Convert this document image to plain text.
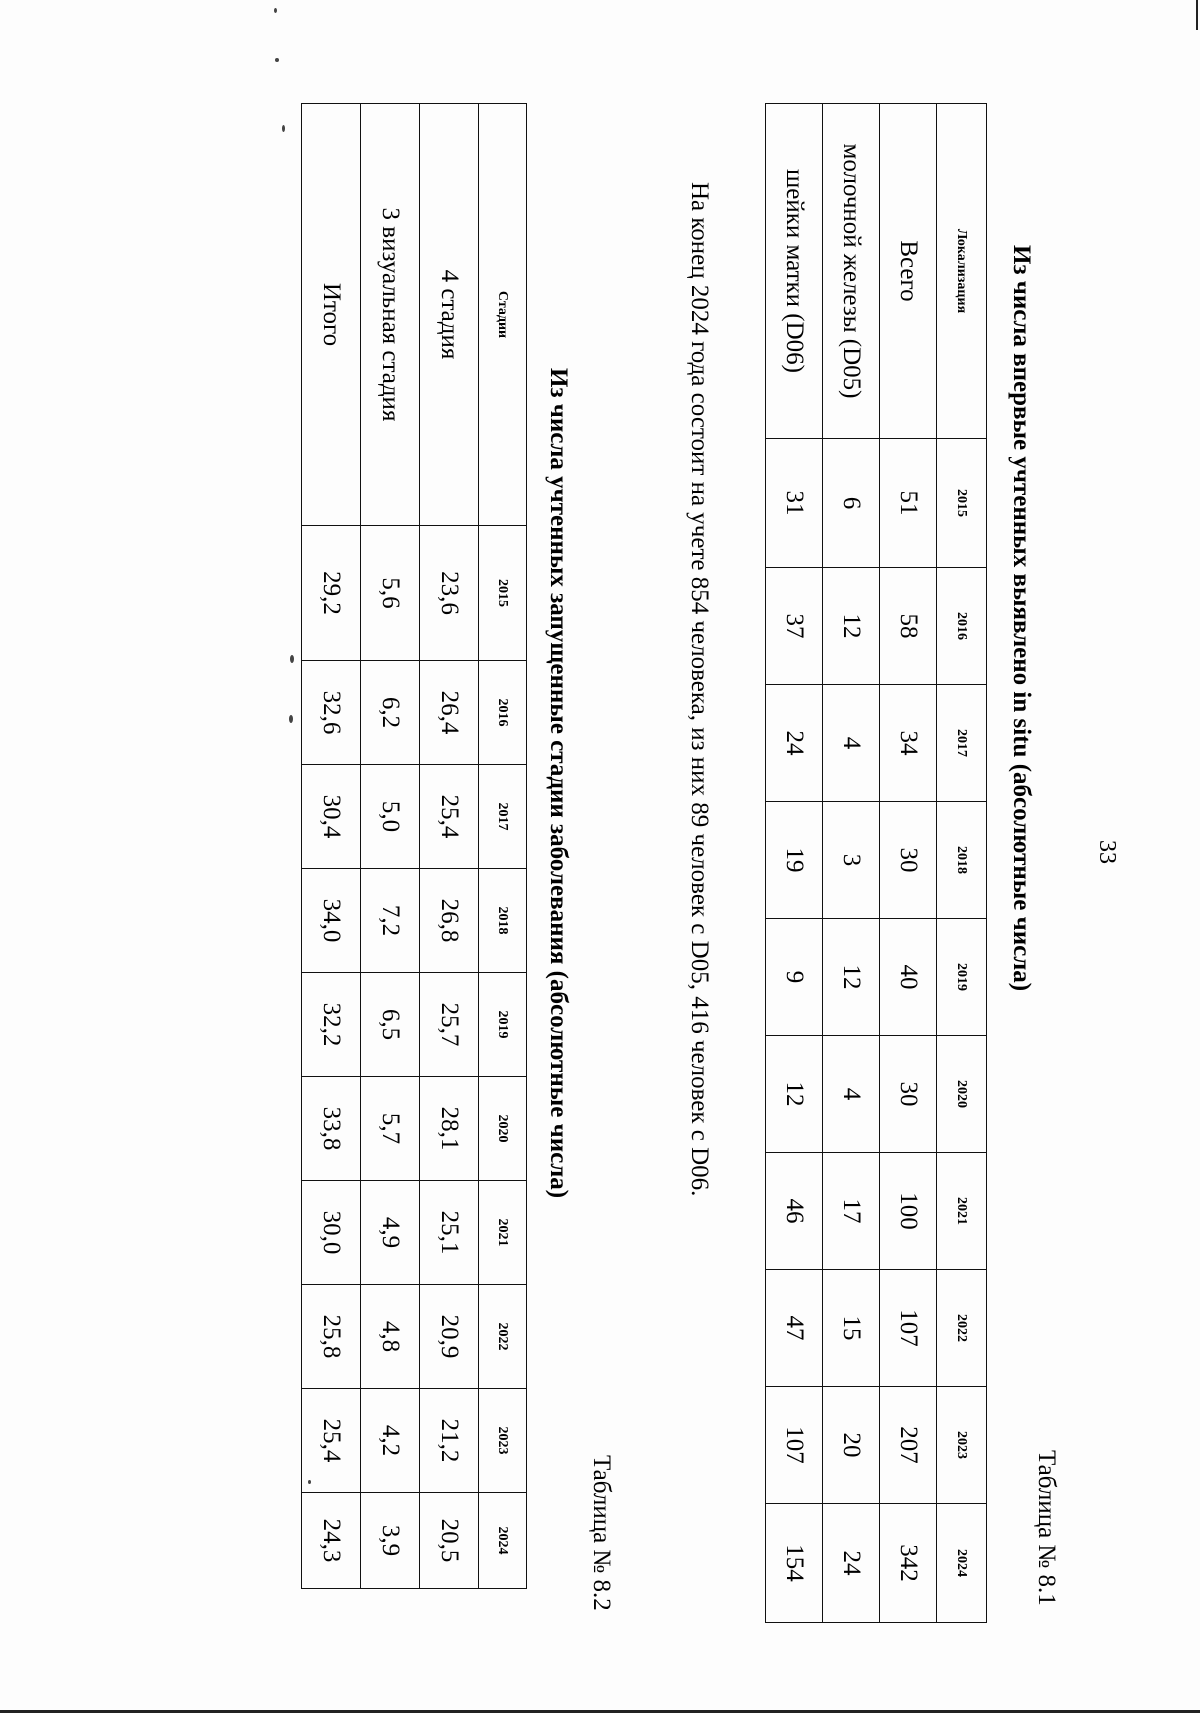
33
Таблица № 8.1
Из числа впервые учтенных выявлено in situ (абсолютные числа)
Локализация	2015	2016	2017	2018	2019	2020	2021	2022	2023	2024
Всего	51	58	34	30	40	30	100	107	207	342
молочной железы (D05)	6	12	4	3	12	4	17	15	20	24
шейки матки (D06)	31	37	24	19	9	12	46	47	107	154
На конец 2024 года состоит на учете 854 человека, из них 89 человек с D05, 416 человек с D06.
Таблица № 8.2
Из числа учтенных запущенные стадии заболевания (абсолютные числа)
Стадии	2015	2016	2017	2018	2019	2020	2021	2022	2023	2024
4 стадия	23,6	26,4	25,4	26,8	25,7	28,1	25,1	20,9	21,2	20,5
3 визуальная стадия	5,6	6,2	5,0	7,2	6,5	5,7	4,9	4,8	4,2	3,9
Итого	29,2	32,6	30,4	34,0	32,2	33,8	30,0	25,8	25,4	24,3
